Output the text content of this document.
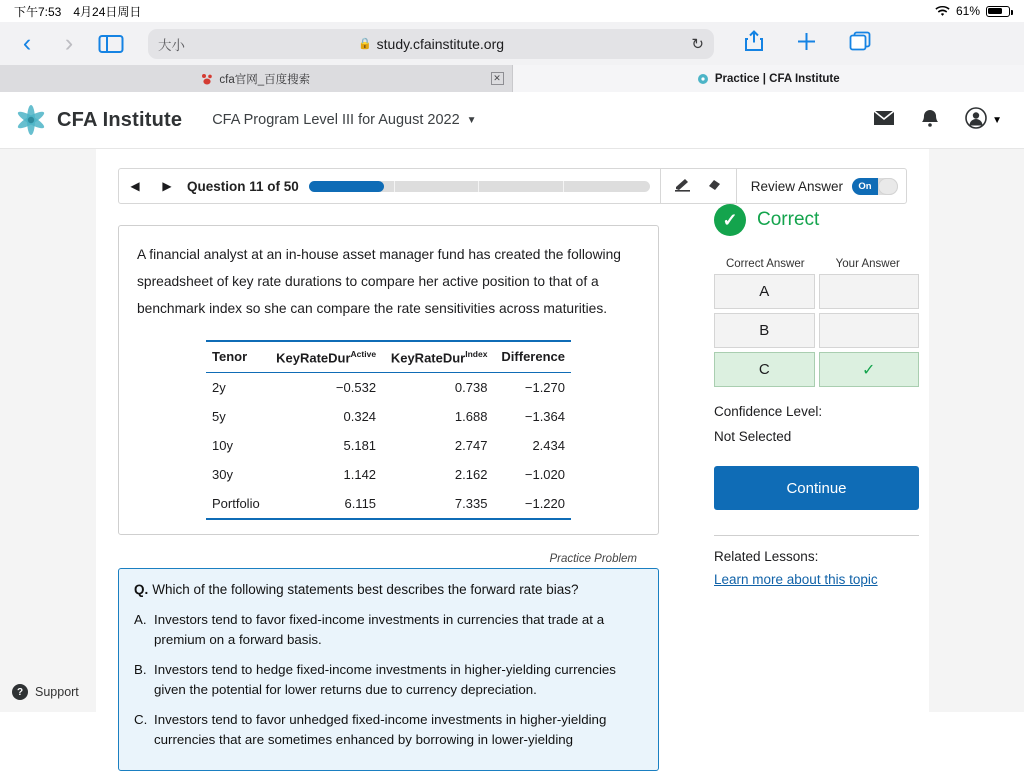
下午7:53 4月24日周日	61%
‹	›	大小	🔒 study.cfainstitute.org	↻
cfa官网_百度搜索	✕	Practice | CFA Institute
CFA Institute CFA Program Level III for August 2022 ▼	▼
◀	▶	Question 11 of 50	Review Answer	On
A financial analyst at an in-house asset manager fund has created the following spreadsheet of key rate durations to compare her active position to that of a benchmark index so she can compare the rate sensitivities across maturities.
Tenor	KeyRateDur$^{Active}$	KeyRateDur$^{Index}$	Difference
2y	−0.532	0.738	−1.270
5y	0.324	1.688	−1.364
10y	5.181	2.747	2.434
30y	1.142	2.162	−1.020
Portfolio	6.115	7.335	−1.220
Practice Problem
Q. Which of the following statements best describes the forward rate bias?
A. Investors tend to favor fixed-income investments in currencies that trade at a premium on a forward basis.
B. Investors tend to hedge fixed-income investments in higher-yielding currencies given the potential for lower returns due to currency depreciation.
C. Investors tend to favor unhedged fixed-income investments in higher-yielding currencies that are sometimes enhanced by borrowing in lower-yielding
✓	Correct
Correct Answer	Your Answer
A
B
C	✓
Confidence Level:
Not Selected
Continue
Related Lessons:
Learn more about this topic
? Support
